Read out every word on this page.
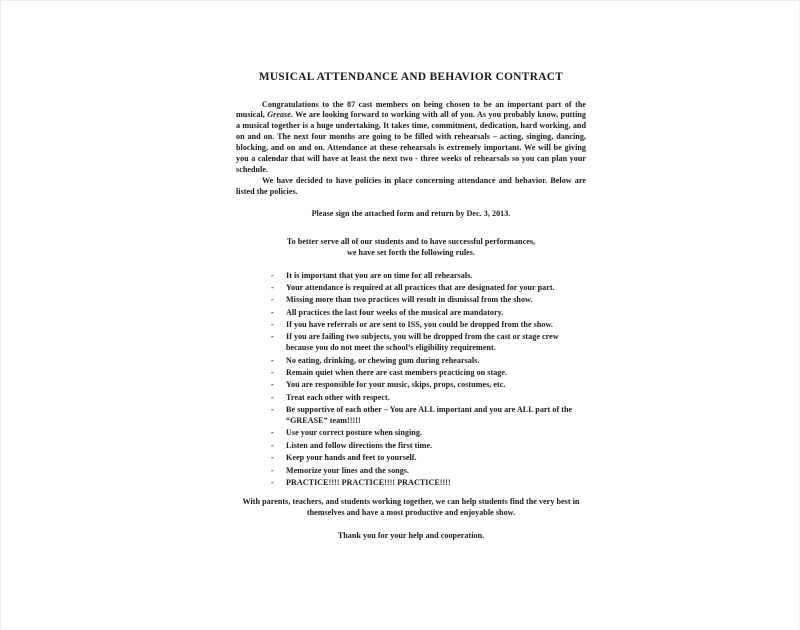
MUSICAL ATTENDANCE AND BEHAVIOR CONTRACT

Congratulations to the 87 cast members on being chosen to be an important part of the musical, Grease. We are looking forward to working with all of you. As you probably know, putting a musical together is a huge undertaking, It takes time, commitment, dedication, hard working, and on and on. The next four months are going to be filled with rehearsals – acting, singing, dancing, blocking, and on and on. Attendance at these rehearsals is extremely important. We will be giving you a calendar that will have at least the next two - three weeks of rehearsals so you can plan your schedule.

We have decided to have policies in place concerning attendance and behavior. Below are listed the policies.

Please sign the attached form and return by Dec. 3, 2013.

To better serve all of our students and to have successful performances,

we have set forth the following rules.

- It is important that you are on time for all rehearsals.
- Your attendance is required at all practices that are designated for your part.
- Missing more than two practices will result in dismissal from the show.
- All practices the last four weeks of the musical are mandatory.
- If you have referrals or are sent to ISS, you could be dropped from the show.
- If you are failing two subjects, you will be dropped from the cast or stage crew because you do not meet the school’s eligibility requirement.
- No eating, drinking, or chewing gum during rehearsals.
- Remain quiet when there are cast members practicing on stage.
- You are responsible for your music, skips, props, costumes, etc.
- Treat each other with respect.
- Be supportive of each other – You are ALL important and you are ALL part of the “GREASE” team!!!!!
- Use your correct posture when singing.
- Listen and follow directions the first time.
- Keep your hands and feet to yourself.
- Memorize your lines and the songs.
- PRACTICE!!!! PRACTICE!!!! PRACTICE!!!!

With parents, teachers, and students working together, we can help students find the very best in themselves and have a most productive and enjoyable show.

Thank you for your help and cooperation.
